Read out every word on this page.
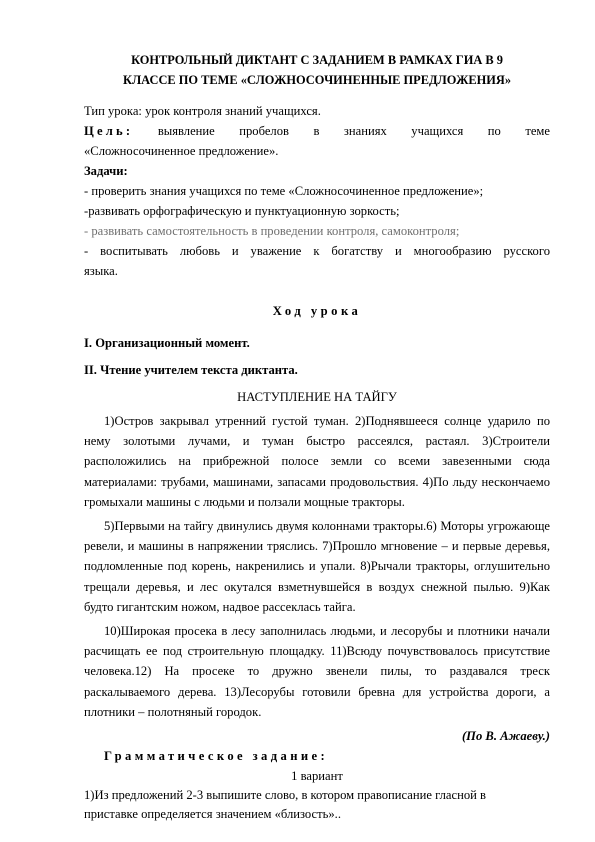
КОНТРОЛЬНЫЙ ДИКТАНТ С ЗАДАНИЕМ В РАМКАХ ГИА В 9
КЛАССЕ ПО ТЕМЕ «СЛОЖНОСОЧИНЕННЫЕ ПРЕДЛОЖЕНИЯ»

Тип урока: урок контроля знаний учащихся.

Цель: выявление пробелов в знаниях учащихся по теме

«Сложносочиненное предложение».

Задачи:

- проверить знания учащихся по теме «Сложносочиненное предложение»;

-развивать орфографическую и пунктуационную зоркость;

- развивать самостоятельность в проведении контроля, самоконтроля;

- воспитывать любовь и уважение к богатству и многообразию русского

языка.

Ход урока

I. Организационный момент.

II. Чтение учителем текста диктанта.

НАСТУПЛЕНИЕ НА ТАЙГУ

1)Остров закрывал утренний густой туман. 2)Поднявшееся солнце ударило по нему золотыми лучами, и туман быстро рассеялся, растаял. 3)Строители расположились на прибрежной полосе земли со всеми завезенными сюда материалами: трубами, машинами, запасами продовольствия. 4)По льду нескончаемо громыхали машины с людьми и ползали мощные тракторы.

5)Первыми на тайгу двинулись двумя колоннами тракторы.6) Моторы угрожающе ревели, и машины в напряжении тряслись. 7)Прошло мгновение – и первые деревья, подломленные под корень, накренились и упали. 8)Рычали тракторы, оглушительно трещали деревья, и лес окутался взметнувшейся в воздух снежной пылью. 9)Как будто гигантским ножом, надвое рассеклась тайга.

10)Широкая просека в лесу заполнилась людьми, и лесорубы и плотники начали расчищать ее под строительную площадку. 11)Всюду почувствовалось присутствие человека.12) На просеке то дружно звенели пилы, то раздавался треск раскалываемого дерева. 13)Лесорубы готовили бревна для устройства дороги, а плотники – полотняный городок.

(По В. Ажаеву.)

Грамматическое задание:

1 вариант

1)Из предложений 2-3 выпишите слово, в котором правописание гласной в

приставке определяется значением «близость»..
